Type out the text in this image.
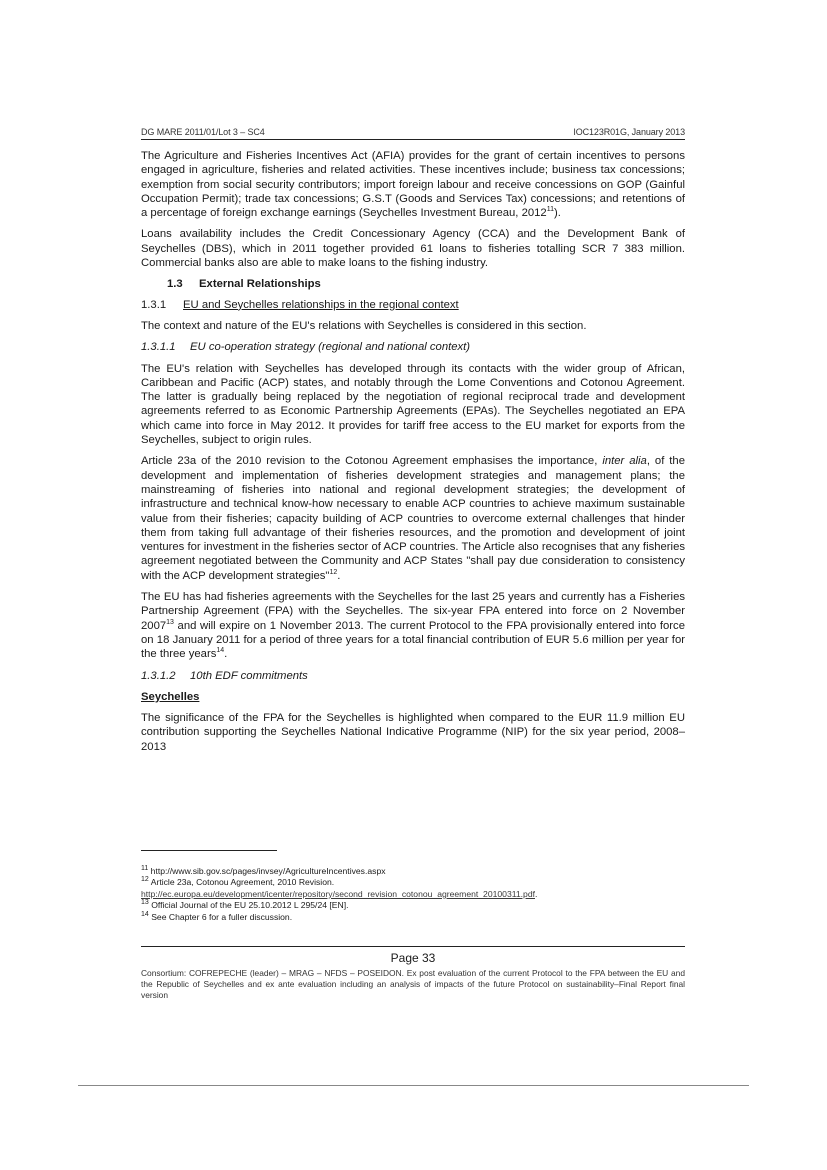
DG MARE 2011/01/Lot 3 – SC4	IOC123R01G, January 2013

The Agriculture and Fisheries Incentives Act (AFIA) provides for the grant of certain incentives to persons engaged in agriculture, fisheries and related activities. These incentives include; business tax concessions; exemption from social security contributors; import foreign labour and receive concessions on GOP (Gainful Occupation Permit); trade tax concessions; G.S.T (Goods and Services Tax) concessions; and retentions of a percentage of foreign exchange earnings (Seychelles Investment Bureau, 2012$^{11}$).

Loans availability includes the Credit Concessionary Agency (CCA) and the Development Bank of Seychelles (DBS), which in 2011 together provided 61 loans to fisheries totalling SCR 7 383 million. Commercial banks also are able to make loans to the fishing industry.

1.3 External Relationships
1.3.1 EU and Seychelles relationships in the regional context

The context and nature of the EU's relations with Seychelles is considered in this section.

1.3.1.1 EU co-operation strategy (regional and national context)

The EU's relation with Seychelles has developed through its contacts with the wider group of African, Caribbean and Pacific (ACP) states, and notably through the Lome Conventions and Cotonou Agreement. The latter is gradually being replaced by the negotiation of regional reciprocal trade and development agreements referred to as Economic Partnership Agreements (EPAs). The Seychelles negotiated an EPA which came into force in May 2012. It provides for tariff free access to the EU market for exports from the Seychelles, subject to origin rules.

Article 23a of the 2010 revision to the Cotonou Agreement emphasises the importance, inter alia, of the development and implementation of fisheries development strategies and management plans; the mainstreaming of fisheries into national and regional development strategies; the development of infrastructure and technical know-how necessary to enable ACP countries to achieve maximum sustainable value from their fisheries; capacity building of ACP countries to overcome external challenges that hinder them from taking full advantage of their fisheries resources, and the promotion and development of joint ventures for investment in the fisheries sector of ACP countries. The Article also recognises that any fisheries agreement negotiated between the Community and ACP States "shall pay due consideration to consistency with the ACP development strategies"$^{12}$.

The EU has had fisheries agreements with the Seychelles for the last 25 years and currently has a Fisheries Partnership Agreement (FPA) with the Seychelles. The six-year FPA entered into force on 2 November 2007$^{13}$ and will expire on 1 November 2013. The current Protocol to the FPA provisionally entered into force on 18 January 2011 for a period of three years for a total financial contribution of EUR 5.6 million per year for the three years$^{14}$.

1.3.1.2 10th EDF commitments
Seychelles

The significance of the FPA for the Seychelles is highlighted when compared to the EUR 11.9 million EU contribution supporting the Seychelles National Indicative Programme (NIP) for the six year period, 2008–2013

$^{11}$ http://www.sib.gov.sc/pages/invsey/AgricultureIncentives.aspx
$^{12}$ Article 23a, Cotonou Agreement, 2010 Revision. http://ec.europa.eu/development/icenter/repository/second_revision_cotonou_agreement_20100311.pdf.
$^{13}$ Official Journal of the EU 25.10.2012 L 295/24 [EN].
$^{14}$ See Chapter 6 for a fuller discussion.
Page 33
Consortium: COFREPECHE (leader) – MRAG – NFDS – POSEIDON. Ex post evaluation of the current Protocol to the FPA between the EU and the Republic of Seychelles and ex ante evaluation including an analysis of impacts of the future Protocol on sustainability–Final Report final version
